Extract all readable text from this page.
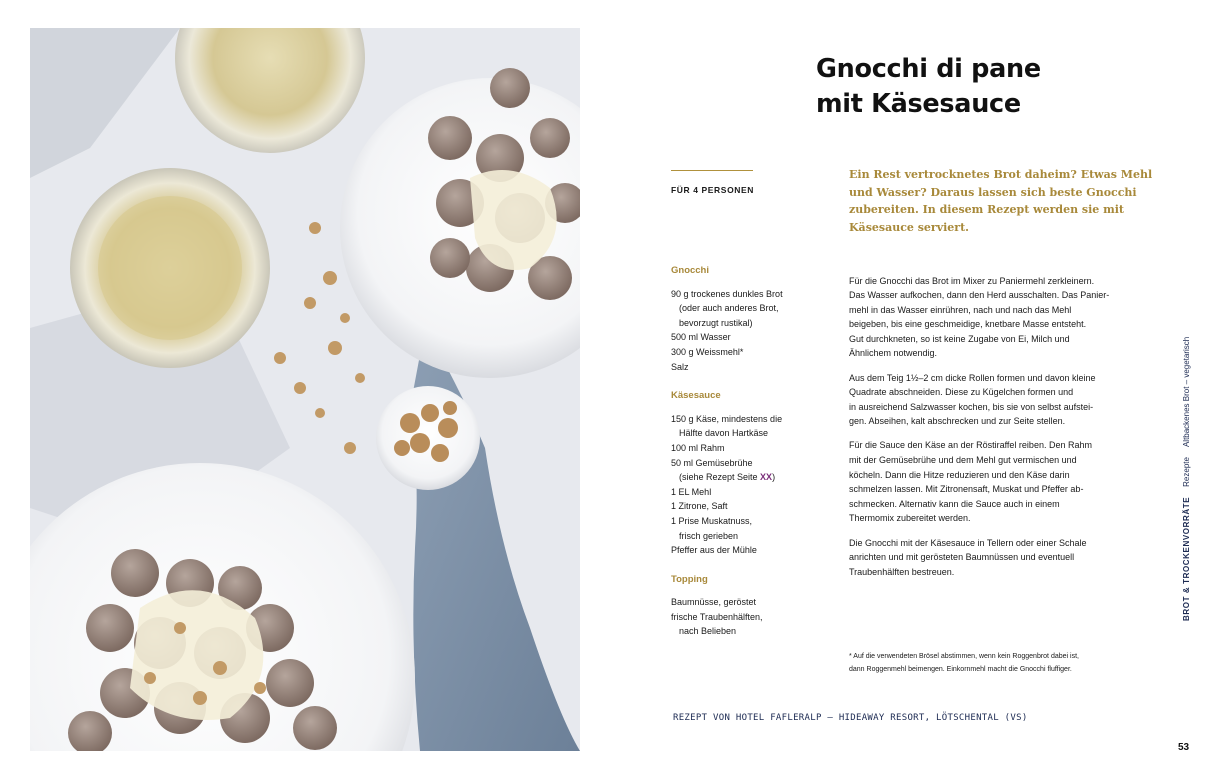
Gnocchi di pane
mit Käsesauce
FÜR 4 PERSONEN
Ein Rest vertrocknetes Brot daheim? Etwas Mehl
und Wasser? Daraus lassen sich beste Gnocchi
zubereiten. In diesem Rezept werden sie mit
Käsesauce serviert.
Gnocchi
90 g trockenes dunkles Brot
(oder auch anderes Brot,
bevorzugt rustikal)
500 ml Wasser
300 g Weissmehl*
Salz
Käsesauce
150 g Käse, mindestens die
Hälfte davon Hartkäse
100 ml Rahm
50 ml Gemüsebrühe
(siehe Rezept Seite XX)
1 EL Mehl
1 Zitrone, Saft
1 Prise Muskatnuss,
frisch gerieben
Pfeffer aus der Mühle
Topping
Baumnüsse, geröstet
frische Traubenhälften,
nach Belieben

Für die Gnocchi das Brot im Mixer zu Paniermehl zerkleinern.
Das Wasser aufkochen, dann den Herd ausschalten. Das Panier-
mehl in das Wasser einrühren, nach und nach das Mehl
beigeben, bis eine geschmeidige, knetbare Masse entsteht.
Gut durchkneten, so ist keine Zugabe von Ei, Milch und
Ähnlichem notwendig.

Aus dem Teig 1½–2 cm dicke Rollen formen und davon kleine
Quadrate abschneiden. Diese zu Kügelchen formen und
in ausreichend Salzwasser kochen, bis sie von selbst aufstei-
gen. Abseihen, kalt abschrecken und zur Seite stellen.

Für die Sauce den Käse an der Röstiraffel reiben. Den Rahm
mit der Gemüsebrühe und dem Mehl gut vermischen und
köcheln. Dann die Hitze reduzieren und den Käse darin
schmelzen lassen. Mit Zitronensaft, Muskat und Pfeffer ab-
schmecken. Alternativ kann die Sauce auch in einem
Thermomix zubereitet werden.

Die Gnocchi mit der Käsesauce in Tellern oder einer Schale
anrichten und mit gerösteten Baumnüssen und eventuell
Traubenhälften bestreuen.

* Auf die verwendeten Brösel abstimmen, wenn kein Roggenbrot dabei ist,
dann Roggenmehl beimengen. Einkornmehl macht die Gnocchi fluffiger.
REZEPT VON HOTEL FAFLERALP – HIDEAWAY RESORT, LÖTSCHENTAL (VS)
53
BROT & TROCKENVORRÄTE
Rezepte
Altbackenes Brot – vegetarisch
